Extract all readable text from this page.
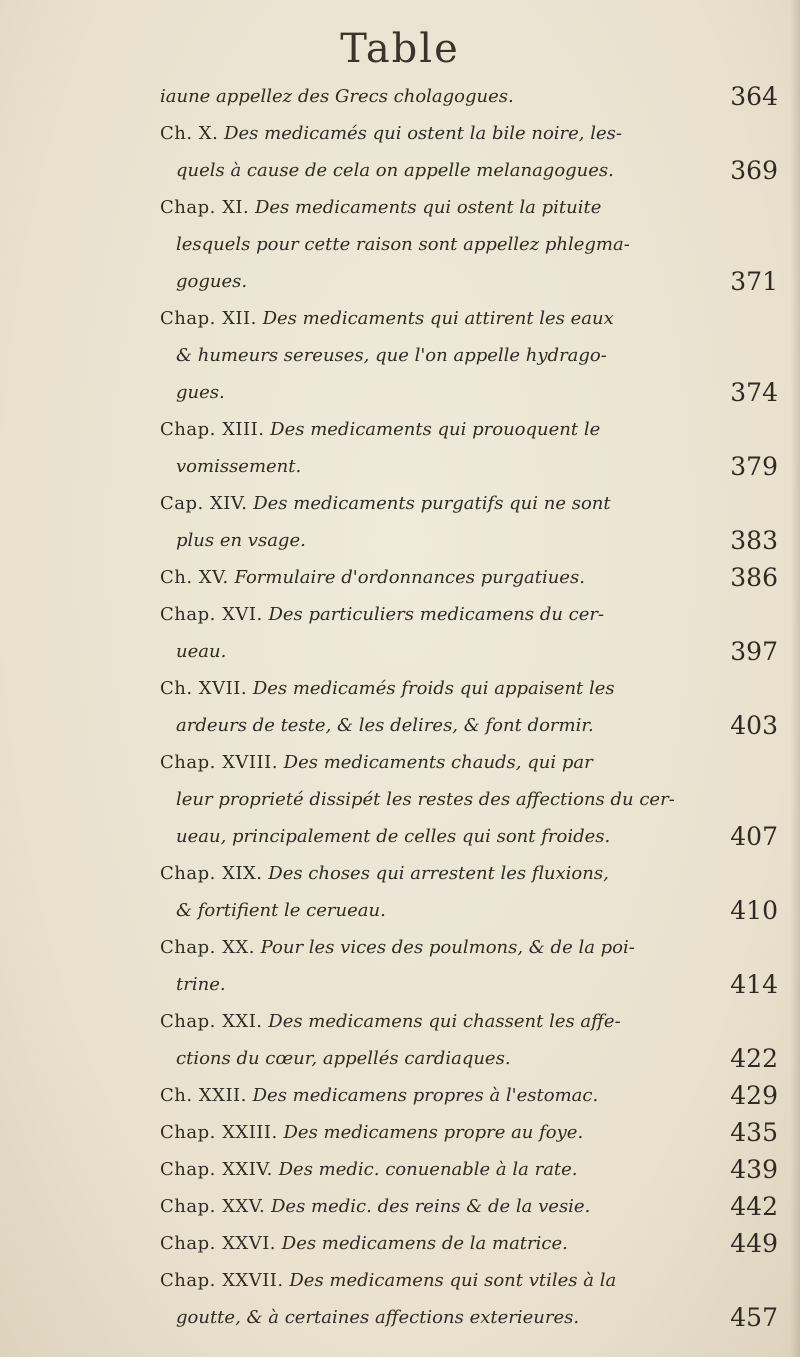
Table
iaune appellez des Grecs cholagogues.	364
Ch. X. Des medicamés qui ostent la bile noire, les-
quels à cause de cela on appelle melanagogues.	369
Chap. XI. Des medicaments qui ostent la pituite
lesquels pour cette raison sont appellez phlegma-
gogues.	371
Chap. XII. Des medicaments qui attirent les eaux
& humeurs sereuses, que l'on appelle hydrago-
gues.	374
Chap. XIII. Des medicaments qui prouoquent le
vomissement.	379
Cap. XIV. Des medicaments purgatifs qui ne sont
plus en vsage.	383
Ch. XV. Formulaire d'ordonnances purgatiues.	386
Chap. XVI. Des particuliers medicamens du cer-
ueau.	397
Ch. XVII. Des medicamés froids qui appaisent les
ardeurs de teste, & les delires, & font dormir.	403
Chap. XVIII. Des medicaments chauds, qui par
leur proprieté dissipét les restes des affections du cer-
ueau, principalement de celles qui sont froides.	407
Chap. XIX. Des choses qui arrestent les fluxions,
& fortifient le cerueau.	410
Chap. XX. Pour les vices des poulmons, & de la poi-
trine.	414
Chap. XXI. Des medicamens qui chassent les affe-
ctions du cœur, appellés cardiaques.	422
Ch. XXII. Des medicamens propres à l'estomac.	429
Chap. XXIII. Des medicamens propre au foye.	435
Chap. XXIV. Des medic. conuenable à la rate.	439
Chap. XXV. Des medic. des reins & de la vesie.	442
Chap. XXVI. Des medicamens de la matrice.	449
Chap. XXVII. Des medicamens qui sont vtiles à la
goutte, & à certaines affections exterieures.	457
